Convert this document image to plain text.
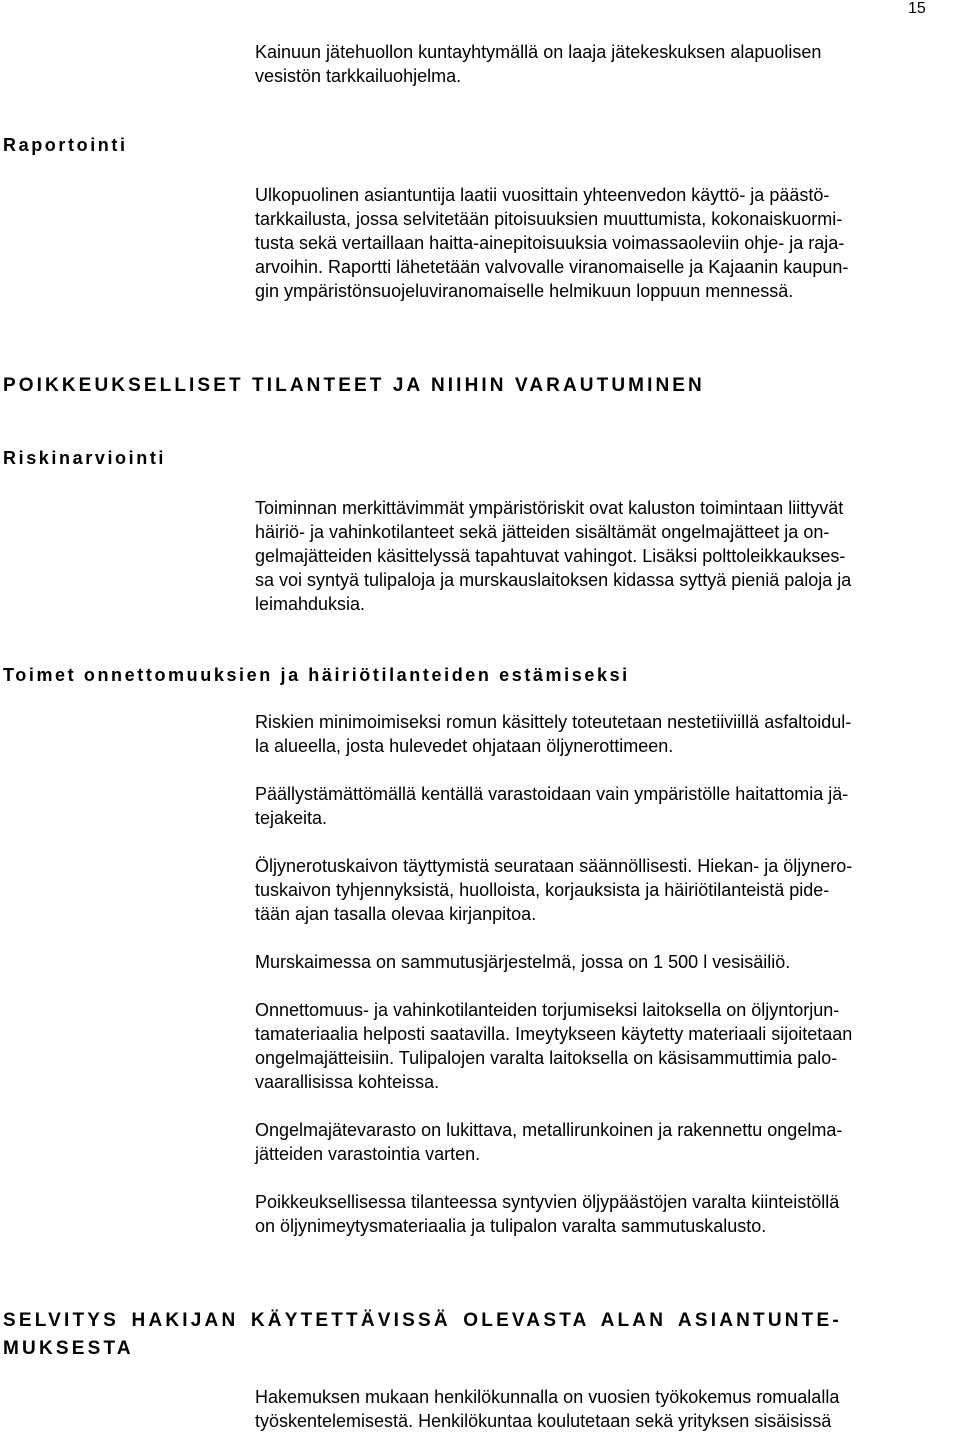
15

Kainuun jätehuollon kuntayhtymällä on laaja jätekeskuksen alapuolisen
vesistön tarkkailuohjelma.

Raportointi

Ulkopuolinen asiantuntija laatii vuosittain yhteenvedon käyttö- ja päästö-
tarkkailusta, jossa selvitetään pitoisuuksien muuttumista, kokonaiskuormi-
tusta sekä vertaillaan haitta-ainepitoisuuksia voimassaoleviin ohje- ja raja-
arvoihin. Raportti lähetetään valvovalle viranomaiselle ja Kajaanin kaupun-
gin ympäristönsuojeluviranomaiselle helmikuun loppuun mennessä.

POIKKEUKSELLISET TILANTEET JA NIIHIN VARAUTUMINEN
Riskinarviointi

Toiminnan merkittävimmät ympäristöriskit ovat kaluston toimintaan liittyvät
häiriö- ja vahinkotilanteet sekä jätteiden sisältämät ongelmajätteet ja on-
gelmajätteiden käsittelyssä tapahtuvat vahingot. Lisäksi polttoleikkaukses-
sa voi syntyä tulipaloja ja murskauslaitoksen kidassa syttyä pieniä paloja ja
leimahduksia.

Toimet onnettomuuksien ja häiriötilanteiden estämiseksi

Riskien minimoimiseksi romun käsittely toteutetaan nestetiiviillä asfaltoidul-
la alueella, josta hulevedet ohjataan öljynerottimeen.

Päällystämättömällä kentällä varastoidaan vain ympäristölle haitattomia jä-
tejakeita.

Öljynerotuskaivon täyttymistä seurataan säännöllisesti. Hiekan- ja öljynero-
tuskaivon tyhjennyksistä, huolloista, korjauksista ja häiriötilanteistä pide-
tään ajan tasalla olevaa kirjanpitoa.

Murskaimessa on sammutusjärjestelmä, jossa on 1 500 l vesisäiliö.

Onnettomuus- ja vahinkotilanteiden torjumiseksi laitoksella on öljyntorjun-
tamateriaalia helposti saatavilla. Imeytykseen käytetty materiaali sijoitetaan
ongelmajätteisiin. Tulipalojen varalta laitoksella on käsisammuttimia palo-
vaarallisissa kohteissa.

Ongelmajätevarasto on lukittava, metallirunkoinen ja rakennettu ongelma-
jätteiden varastointia varten.

Poikkeuksellisessa tilanteessa syntyvien öljypäästöjen varalta kiinteistöllä
on öljynimeytysmateriaalia ja tulipalon varalta sammutuskalusto.

SELVITYS HAKIJAN KÄYTETTÄVISSÄ OLEVASTA ALAN ASIANTUNTE-
MUKSESTA

Hakemuksen mukaan henkilökunnalla on vuosien työkokemus romualalla
työskentelemisestä. Henkilökuntaa koulutetaan sekä yrityksen sisäisissä
